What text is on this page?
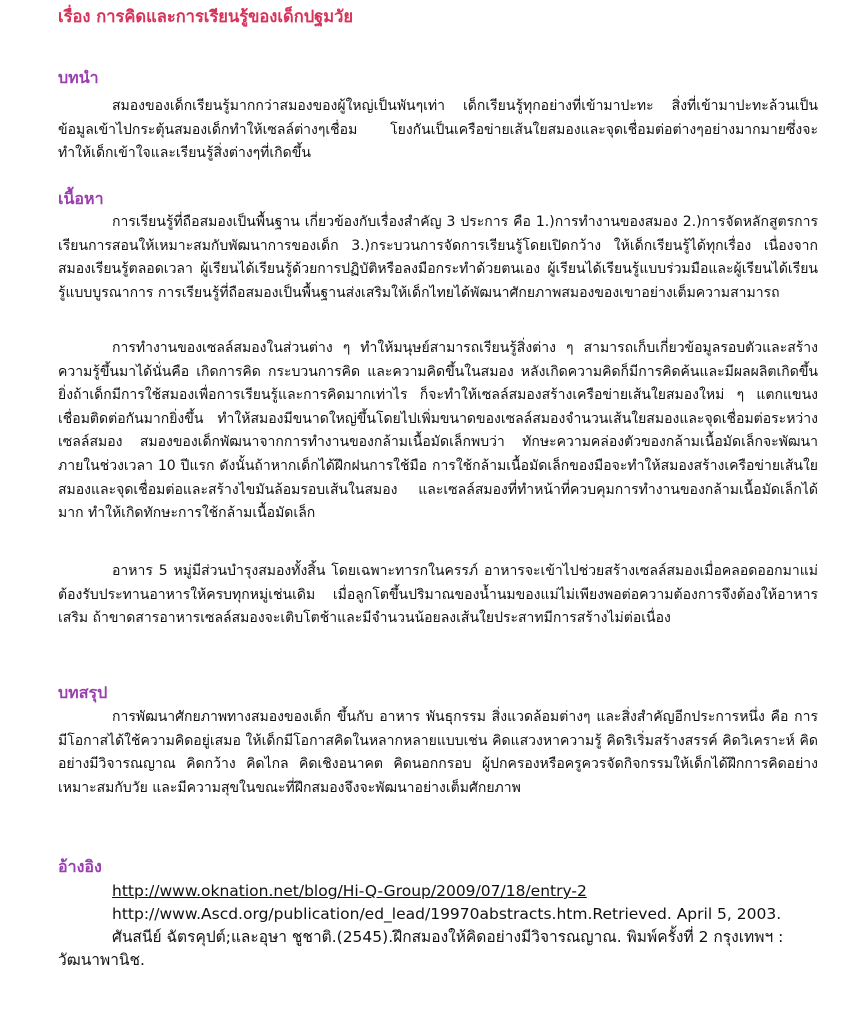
เรื่อง การคิดและการเรียนรู้ของเด็กปฐมวัย
บทนำ

สมองของเด็กเรียนรู้มากกว่าสมองของผู้ใหญ่เป็นพันๆเท่า เด็กเรียนรู้ทุกอย่างที่เข้ามาปะทะ สิ่งที่เข้ามาปะทะล้วนเป็นข้อมูลเข้าไปกระตุ้นสมองเด็กทำให้เซลล์ต่างๆเชื่อม โยงกันเป็นเครือข่ายเส้นใยสมองและจุดเชื่อมต่อต่างๆอย่างมากมายซึ่งจะทำให้เด็กเข้าใจและเรียนรู้สิ่งต่างๆที่เกิดขึ้น

เนื้อหา

การเรียนรู้ที่ถือสมองเป็นพื้นฐาน เกี่ยวข้องกับเรื่องสำคัญ 3 ประการ คือ 1.)การทำงานของสมอง 2.)การจัดหลักสูตรการเรียนการสอนให้เหมาะสมกับพัฒนาการของเด็ก 3.)กระบวนการจัดการเรียนรู้โดยเปิดกว้าง ให้เด็กเรียนรู้ได้ทุกเรื่อง เนื่องจากสมองเรียนรู้ตลอดเวลา ผู้เรียนได้เรียนรู้ด้วยการปฏิบัติหรือลงมือกระทำด้วยตนเอง ผู้เรียนได้เรียนรู้แบบร่วมมือและผู้เรียนได้เรียนรู้แบบบูรณาการ การเรียนรู้ที่ถือสมองเป็นพื้นฐานส่งเสริมให้เด็กไทยได้พัฒนาศักยภาพสมองของเขาอย่างเต็มความสามารถ

การทำงานของเซลล์สมองในส่วนต่าง ๆ ทำให้มนุษย์สามารถเรียนรู้สิ่งต่าง ๆ สามารถเก็บเกี่ยวข้อมูลรอบตัวและสร้างความรู้ขึ้นมาได้นั่นคือ เกิดการคิด กระบวนการคิด และความคิดขึ้นในสมอง หลังเกิดความคิดก็มีการคิดค้นและมีผลผลิตเกิดขึ้น ยิ่งถ้าเด็กมีการใช้สมองเพื่อการเรียนรู้และการคิดมากเท่าไร ก็จะทำให้เซลล์สมองสร้างเครือข่ายเส้นใยสมองใหม่ ๆ แตกแขนงเชื่อมติดต่อกันมากยิ่งขึ้น ทำให้สมองมีขนาดใหญ่ขึ้นโดยไปเพิ่มขนาดของเซลล์สมองจำนวนเส้นใยสมองและจุดเชื่อมต่อระหว่างเซลล์สมอง สมองของเด็กพัฒนาจากการทำงานของกล้ามเนื้อมัดเล็กพบว่า ทักษะความคล่องตัวของกล้ามเนื้อมัดเล็กจะพัฒนาภายในช่วงเวลา 10 ปีแรก ดังนั้นถ้าหากเด็กได้ฝึกฝนการใช้มือ การใช้กล้ามเนื้อมัดเล็กของมือจะทำให้สมองสร้างเครือข่ายเส้นใยสมองและจุดเชื่อมต่อและสร้างไขมันล้อมรอบเส้นในสมอง และเซลล์สมองที่ทำหน้าที่ควบคุมการทำงานของกล้ามเนื้อมัดเล็กได้มาก ทำให้เกิดทักษะการใช้กล้ามเนื้อมัดเล็ก

อาหาร 5 หมู่มีส่วนบำรุงสมองทั้งสิ้น โดยเฉพาะทารกในครรภ์ อาหารจะเข้าไปช่วยสร้างเซลล์สมองเมื่อคลอดออกมาแม่ต้องรับประทานอาหารให้ครบทุกหมู่เช่นเดิม เมื่อลูกโตขึ้นปริมาณของน้ำนมของแม่ไม่เพียงพอต่อความต้องการจึงต้องให้อาหารเสริม ถ้าขาดสารอาหารเซลล์สมองจะเติบโตช้าและมีจำนวนน้อยลงเส้นใยประสาทมีการสร้างไม่ต่อเนื่อง

บทสรุป

การพัฒนาศักยภาพทางสมองของเด็ก ขึ้นกับ อาหาร พันธุกรรม สิ่งแวดล้อมต่างๆ และสิ่งสำคัญอีกประการหนึ่ง คือ การมีโอกาสได้ใช้ความคิดอยู่เสมอ ให้เด็กมีโอกาสคิดในหลากหลายแบบเช่น คิดแสวงหาความรู้ คิดริเริ่มสร้างสรรค์ คิดวิเคราะห์ คิดอย่างมีวิจารณญาณ คิดกว้าง คิดไกล คิดเชิงอนาคต คิดนอกกรอบ ผู้ปกครองหรือครูควรจัดกิจกรรมให้เด็กได้ฝึกการคิดอย่างเหมาะสมกับวัย และมีความสุขในขณะที่ฝึกสมองจึงจะพัฒนาอย่างเต็มศักยภาพ

อ้างอิง

http://www.oknation.net/blog/Hi-Q-Group/2009/07/18/entry-2

http://www.Ascd.org/publication/ed_lead/19970abstracts.htm.Retrieved. April 5, 2003.

ศันสนีย์ ฉัตรคุปต์;และอุษา ชูชาติ.(2545).ฝึกสมองให้คิดอย่างมีวิจารณญาณ. พิมพ์ครั้งที่ 2 กรุงเทพฯ : วัฒนาพานิช.
